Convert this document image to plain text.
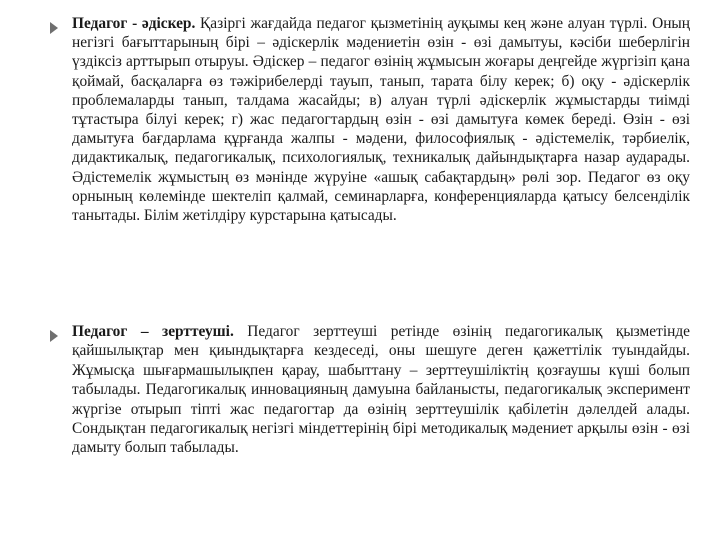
Педагог - әдіскер. Қазіргі жағдайда педагог қызметінің ауқымы кең және алуан түрлі. Оның негізгі бағыттарының бірі – әдіскерлік мәдениетін өзін - өзі дамытуы, кәсіби шеберлігін үздіксіз арттырып отыруы. Әдіскер – педагог өзінің жұмысын жоғары деңгейде жүргізіп қана қоймай, басқаларға өз тәжірибелерді тауып, танып, тарата білу керек; б) оқу - әдіскерлік проблемаларды танып, талдама жасайды; в) алуан түрлі әдіскерлік жұмыстарды тиімді тұтастыра білуі керек; г) жас педагогтардың өзін - өзі дамытуға көмек береді. Өзін - өзі дамытуға бағдарлама құрғанда жалпы - мәдени, философиялық - әдістемелік, тәрбиелік, дидактикалық, педагогикалық, психологиялық, техникалық дайындықтарға назар аударады. Әдістемелік жұмыстың өз мәнінде жүруіне «ашық сабақтардың» рөлі зор. Педагог өз оқу орнының көлемінде шектеліп қалмай, семинарларға, конференцияларда қатысу белсенділік танытады. Білім жетілдіру курстарына қатысады.
Педагог – зерттеуші. Педагог зерттеуші ретінде өзінің педагогикалық қызметінде қайшылықтар мен қиындықтарға кездеседі, оны шешуге деген қажеттілік туындайды. Жұмысқа шығармашылықпен қарау, шабыттану – зерттеушіліктің қозғаушы күші болып табылады. Педагогикалық инновацияның дамуына байланысты, педагогикалық эксперимент жүргізе отырып тіпті жас педагогтар да өзінің зерттеушілік қабілетін дәлелдей алады. Сондықтан педагогикалық негізгі міндеттерінің бірі методикалық мәдениет арқылы өзін - өзі дамыту болып табылады.
